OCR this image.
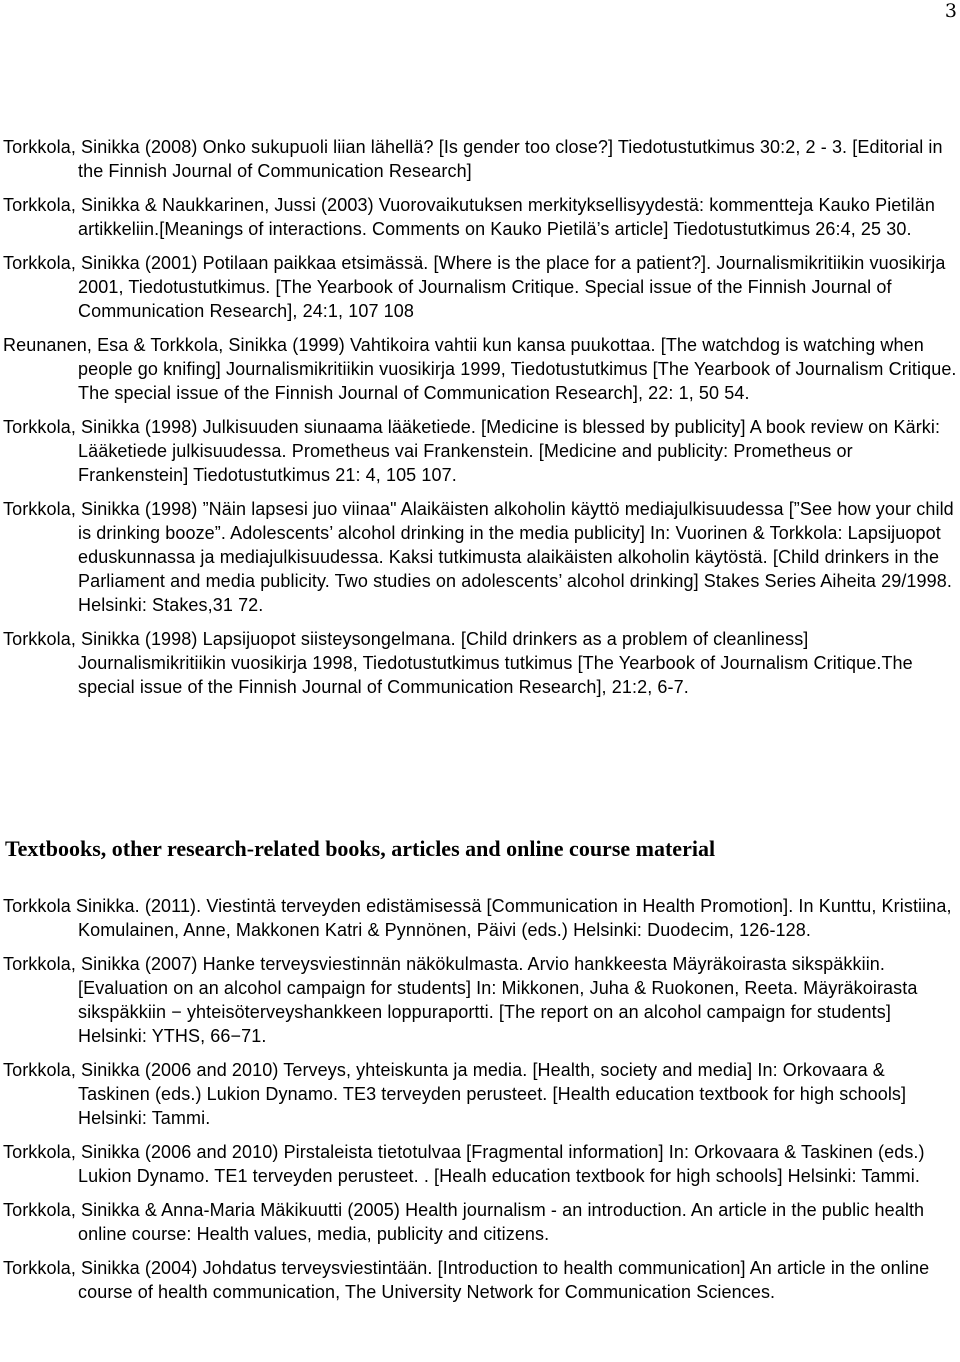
3

Torkkola, Sinikka (2008) Onko sukupuoli liian lähellä? [Is gender too close?] Tiedotustutkimus 30:2, 2 - 3. [Editorial in the Finnish Journal of Communication Research]

Torkkola, Sinikka & Naukkarinen, Jussi (2003) Vuorovaikutuksen merkityksellisyydestä: kommentteja Kauko Pietilän artikkeliin.[Meanings of interactions. Comments on Kauko Pietilä’s article] Tiedotustutkimus 26:4, 25 30.

Torkkola, Sinikka (2001) Potilaan paikkaa etsimässä. [Where is the place for a patient?]. Journalismikritiikin vuosikirja 2001, Tiedotustutkimus. [The Yearbook of Journalism Critique. Special issue of the Finnish Journal of Communication Research], 24:1, 107 108

Reunanen, Esa & Torkkola, Sinikka (1999) Vahtikoira vahtii kun kansa puukottaa. [The watchdog is watching when people go knifing] Journalismikritiikin vuosikirja 1999, Tiedotustutkimus [The Yearbook of Journalism Critique. The special issue of the Finnish Journal of Communication Research], 22: 1, 50 54.

Torkkola, Sinikka (1998) Julkisuuden siunaama lääketiede. [Medicine is blessed by publicity] A book review on Kärki: Lääketiede julkisuudessa. Prometheus vai Frankenstein. [Medicine and publicity: Prometheus or Frankenstein] Tiedotustutkimus 21: 4, 105 107.

Torkkola, Sinikka (1998) ”Näin lapsesi juo viinaa" Alaikäisten alkoholin käyttö mediajulkisuudessa [”See how your child is drinking booze”. Adolescents’ alcohol drinking in the media publicity] In: Vuorinen & Torkkola: Lapsijuopot eduskunnassa ja mediajulkisuudessa. Kaksi tutkimusta alaikäisten alkoholin käytöstä. [Child drinkers in the Parliament and media publicity. Two studies on adolescents’ alcohol drinking] Stakes Series Aiheita 29/1998. Helsinki: Stakes,31 72.

Torkkola, Sinikka (1998) Lapsijuopot siisteysongelmana. [Child drinkers as a problem of cleanliness] Journalismikritiikin vuosikirja 1998, Tiedotustutkimus tutkimus [The Yearbook of Journalism Critique.The special issue of the Finnish Journal of Communication Research], 21:2, 6-7.

Textbooks, other research-related books, articles and online course material

Torkkola Sinikka. (2011). Viestintä terveyden edistämisessä [Communication in Health Promotion]. In Kunttu, Kristiina, Komulainen, Anne, Makkonen Katri & Pynnönen, Päivi (eds.) Helsinki: Duodecim, 126-128.

Torkkola, Sinikka (2007) Hanke terveysviestinnän näkökulmasta. Arvio hankkeesta Mäyräkoirasta sikspäkkiin. [Evaluation on an alcohol campaign for students] In: Mikkonen, Juha & Ruokonen, Reeta. Mäyräkoirasta sikspäkkiin − yhteisöterveyshankkeen loppuraportti. [The report on an alcohol campaign for students] Helsinki: YTHS, 66−71.

Torkkola, Sinikka (2006 and 2010) Terveys, yhteiskunta ja media. [Health, society and media] In: Orkovaara & Taskinen (eds.) Lukion Dynamo. TE3 terveyden perusteet. [Health education textbook for high schools] Helsinki: Tammi.

Torkkola, Sinikka (2006 and 2010) Pirstaleista tietotulvaa [Fragmental information] In: Orkovaara & Taskinen (eds.) Lukion Dynamo. TE1 terveyden perusteet. . [Healh education textbook for high schools] Helsinki: Tammi.

Torkkola, Sinikka & Anna-Maria Mäkikuutti (2005) Health journalism - an introduction. An article in the public health online course: Health values, media, publicity and citizens.

Torkkola, Sinikka (2004) Johdatus terveysviestintään. [Introduction to health communication] An article in the online course of health communication, The University Network for Communication Sciences.
